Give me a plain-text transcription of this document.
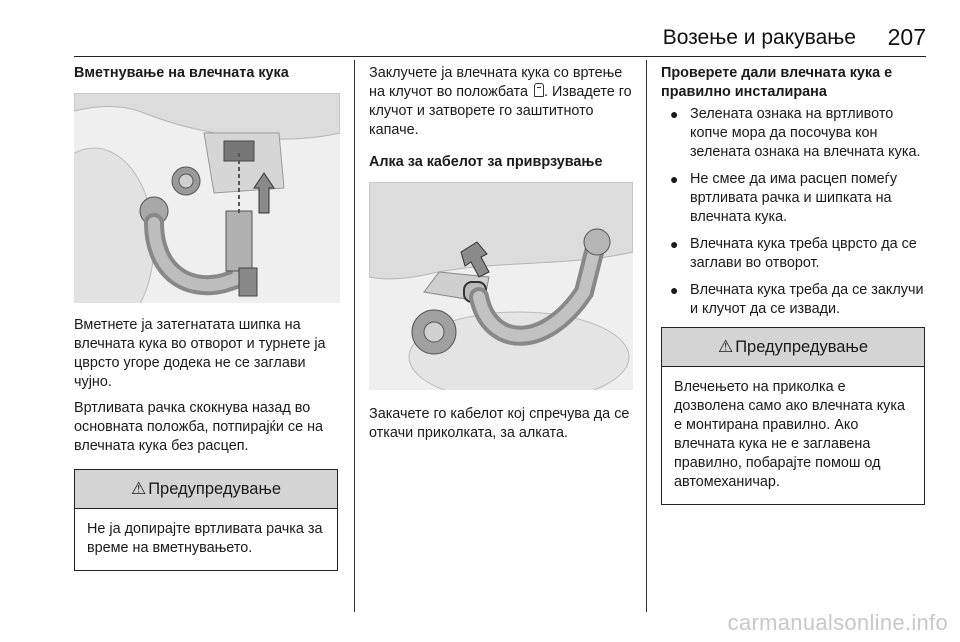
Возење и ракување 207

Вметнување на влечната кука

Вметнете ја затегнатата шипка на влечната кука во отворот и турнете ја цврсто угоре додека не се заглави чујно.

Вртливата рачка скокнува назад во основната положба, потпирајќи се на влечната кука без расцеп.

⚠ Предупредување
Не ја допирајте вртливата рачка за време на вметнувањето.

Заклучете ја влечната кука со вртење на клучот во положбата . Извадете го клучот и затворете го заштитното капаче.

Алка за кабелот за приврзување

Закачете го кабелот кој спречува да се откачи приколката, за алката.

Проверете дали влечната кука е правилно инсталирана

● Зелената ознака на вртливото копче мора да посочува кон зелената ознака на влечната кука.
● Не смее да има расцеп помеѓу вртливата рачка и шипката на влечната кука.
● Влечната кука треба цврсто да се заглави во отворот.
● Влечната кука треба да се заклучи и клучот да се извади.
⚠ Предупредување
Влечењето на приколка е дозволена само ако влечната кука е монтирана правилно. Ако влечната кука не е заглавена правилно, побарајте помош од автомеханичар.
carmanualsonline.info
